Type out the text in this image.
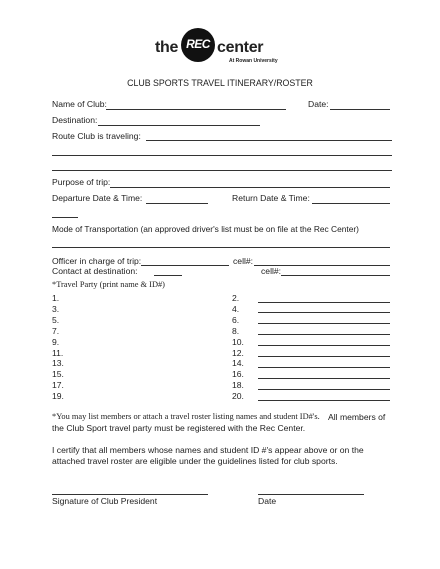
the REC center
At Rowan University
CLUB SPORTS TRAVEL ITINERARY/ROSTER
Name of Club:	Date:
Destination:
Route Club is traveling:
Purpose of trip:
Departure Date & Time:	Return Date & Time:
Mode of Transportation (an approved driver's list must be on file at the Rec Center)
Officer in charge of trip:	cell#:
Contact at destination:	cell#:
*Travel Party (print name & ID#)
1.	2.
3.	4.
5.	6.
7.	8.
9.	10.
11.	12.
13.	14.
15.	16.
17.	18.
19.	20.
*You may list members or attach a travel roster listing names and student ID#'s. All members of
the Club Sport travel party must be registered with the Rec Center.
I certify that all members whose names and student ID #'s appear above or on the
attached travel roster are eligible under the guidelines listed for club sports.
Signature of Club President	Date
